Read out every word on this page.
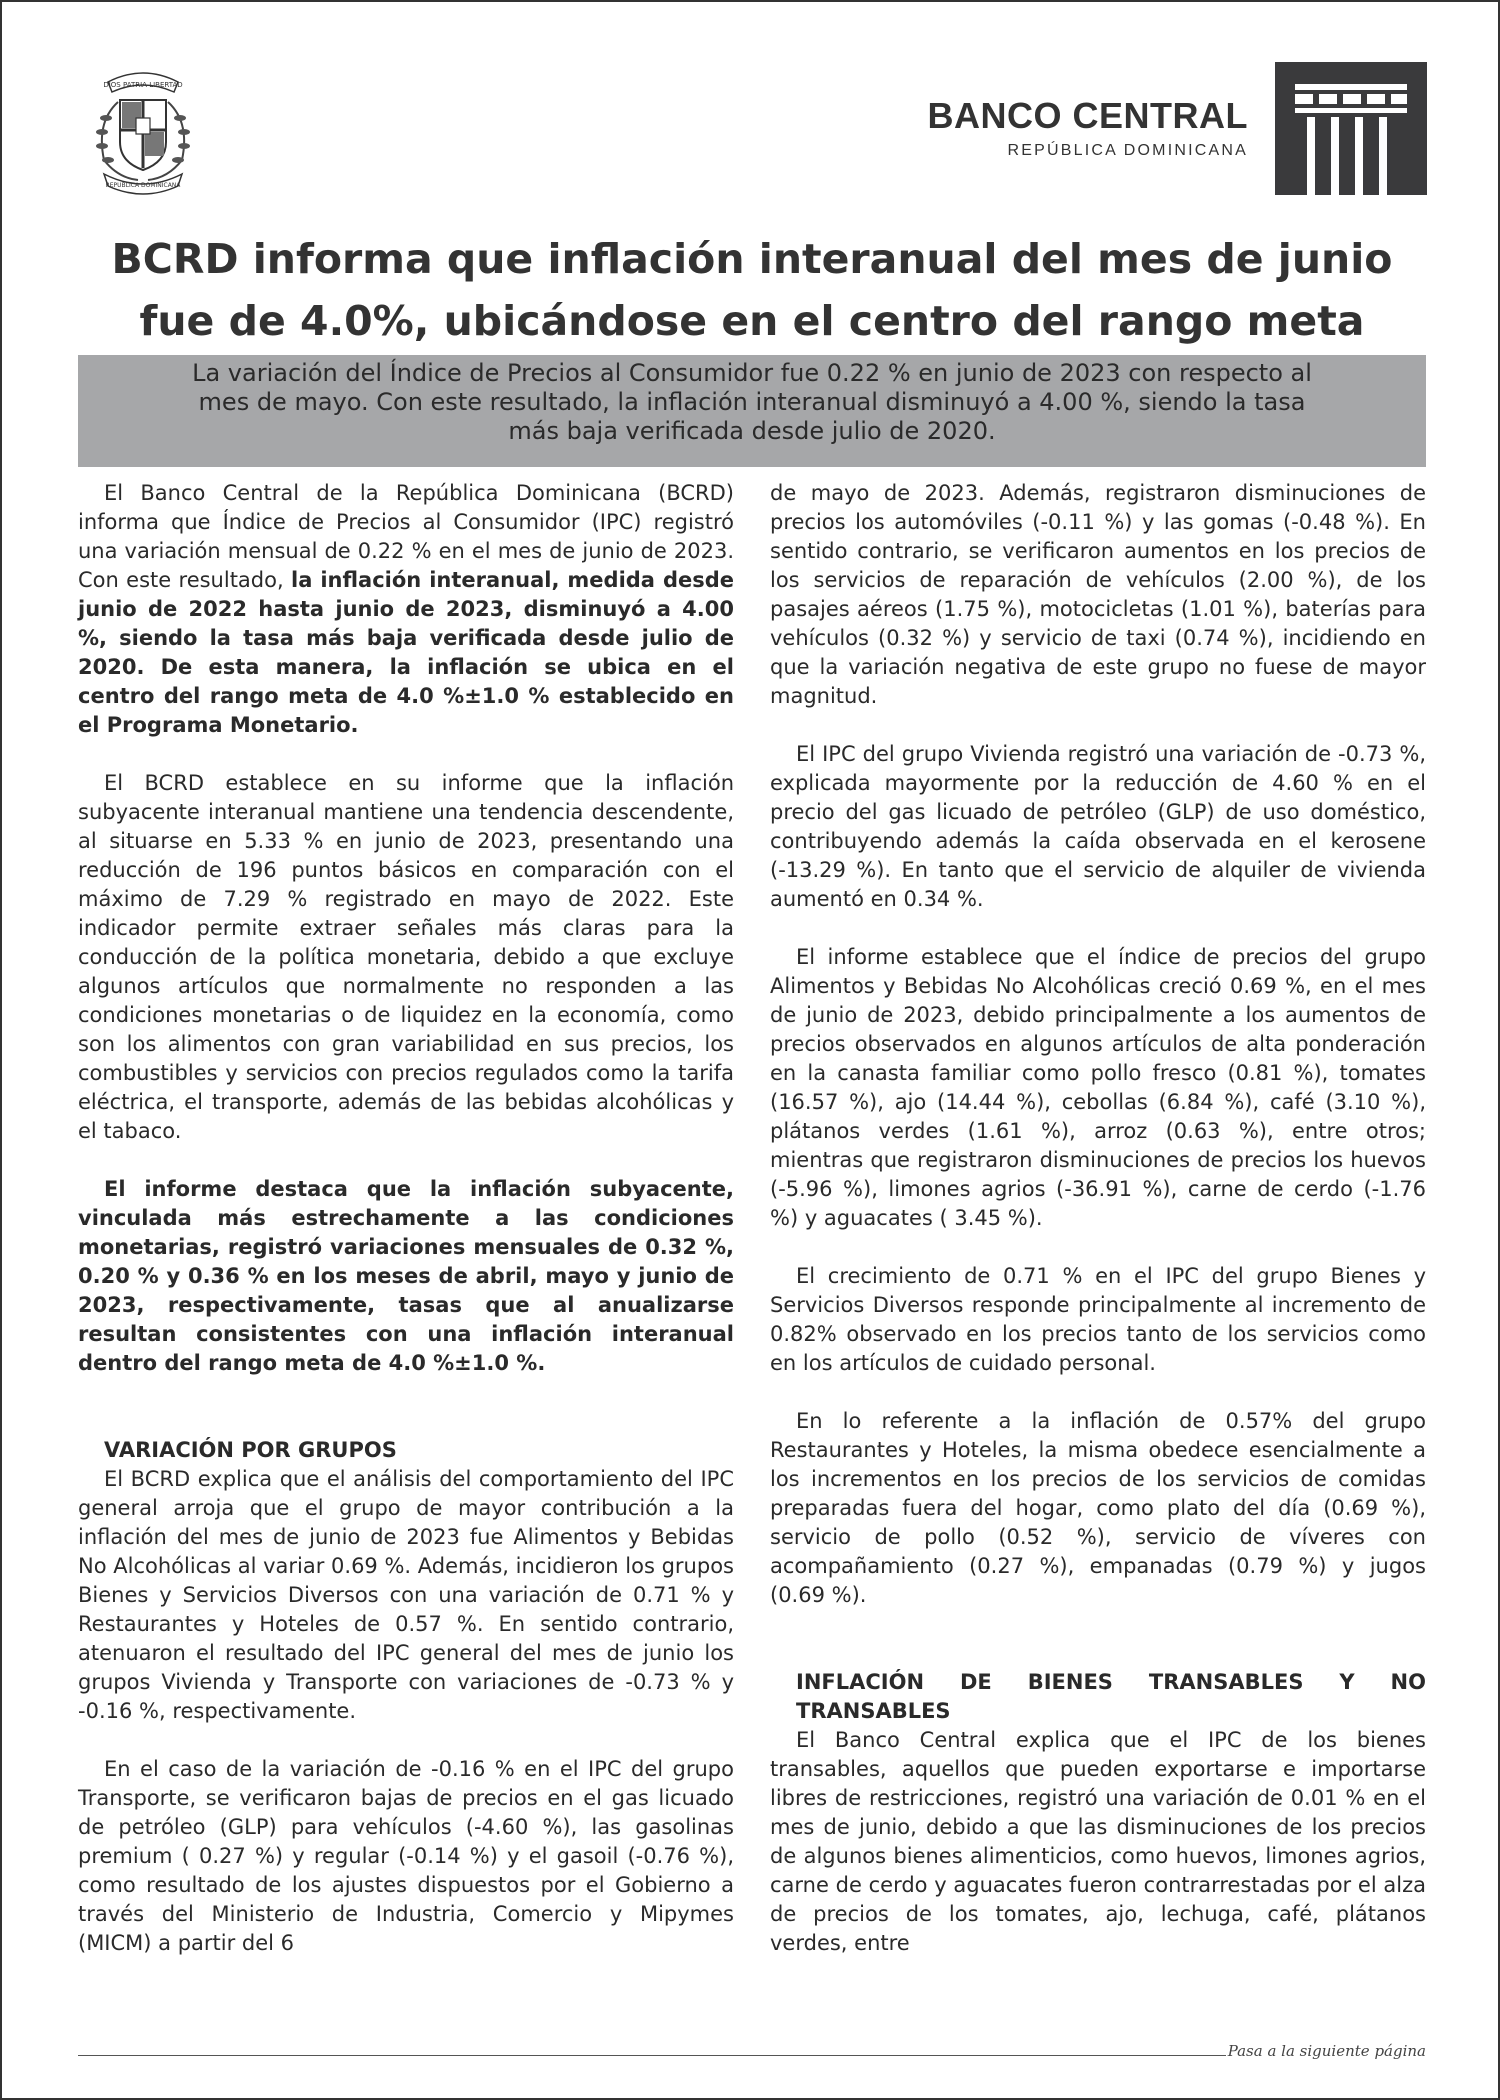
DIOS PATRIA LIBERTAD
REPUBLICA DOMINICANA
BANCO CENTRAL
REPÚBLICA DOMINICANA
BCRD informa que inflación interanual del mes de junio
fue de 4.0%, ubicándose en el centro del rango meta
La variación del Índice de Precios al Consumidor fue 0.22 % en junio de 2023 con respecto al
mes de mayo. Con este resultado, la inflación interanual disminuyó a 4.00 %, siendo la tasa
más baja verificada desde julio de 2020.

El Banco Central de la República Dominicana (BCRD) informa que Índice de Precios al Consumidor (IPC) registró una variación mensual de 0.22 % en el mes de junio de 2023. Con este resultado, la inflación interanual, medida desde junio de 2022 hasta junio de 2023, disminuyó a 4.00 %, siendo la tasa más baja verificada desde julio de 2020. De esta manera, la inflación se ubica en el centro del rango meta de 4.0 %±1.0 % establecido en el Programa Monetario.

El BCRD establece en su informe que la inflación subyacente interanual mantiene una tendencia descendente, al situarse en 5.33 % en junio de 2023, presentando una reducción de 196 puntos básicos en comparación con el máximo de 7.29 % registrado en mayo de 2022. Este indicador permite extraer señales más claras para la conducción de la política monetaria, debido a que excluye algunos artículos que normalmente no responden a las condiciones monetarias o de liquidez en la economía, como son los alimentos con gran variabilidad en sus precios, los combustibles y servicios con precios regulados como la tarifa eléctrica, el transporte, además de las bebidas alcohólicas y el tabaco.

El informe destaca que la inflación subyacente, vinculada más estrechamente a las condiciones monetarias, registró variaciones mensuales de 0.32 %, 0.20 % y 0.36 % en los meses de abril, mayo y junio de 2023, respectivamente, tasas que al anualizarse resultan consistentes con una inflación interanual dentro del rango meta de 4.0 %±1.0 %.

VARIACIÓN POR GRUPOS

El BCRD explica que el análisis del comportamiento del IPC general arroja que el grupo de mayor contribución a la inflación del mes de junio de 2023 fue Alimentos y Bebidas No Alcohólicas al variar 0.69 %. Además, incidieron los grupos Bienes y Servicios Diversos con una variación de 0.71 % y Restaurantes y Hoteles de 0.57 %. En sentido contrario, atenuaron el resultado del IPC general del mes de junio los grupos Vivienda y Transporte con variaciones de -0.73 % y -0.16 %, respectivamente.

En el caso de la variación de -0.16 % en el IPC del grupo Transporte, se verificaron bajas de precios en el gas licuado de petróleo (GLP) para vehículos (-4.60 %), las gasolinas premium ( 0.27 %) y regular (-0.14 %) y el gasoil (-0.76 %), como resultado de los ajustes dispuestos por el Gobierno a través del Ministerio de Industria, Comercio y Mipymes (MICM) a partir del 6

de mayo de 2023. Además, registraron disminuciones de precios los automóviles (-0.11 %) y las gomas (-0.48 %). En sentido contrario, se verificaron aumentos en los precios de los servicios de reparación de vehículos (2.00 %), de los pasajes aéreos (1.75 %), motocicletas (1.01 %), baterías para vehículos (0.32 %) y servicio de taxi (0.74 %), incidiendo en que la variación negativa de este grupo no fuese de mayor magnitud.

El IPC del grupo Vivienda registró una variación de -0.73 %, explicada mayormente por la reducción de 4.60 % en el precio del gas licuado de petróleo (GLP) de uso doméstico, contribuyendo además la caída observada en el kerosene (-13.29 %). En tanto que el servicio de alquiler de vivienda aumentó en 0.34 %.

El informe establece que el índice de precios del grupo Alimentos y Bebidas No Alcohólicas creció 0.69 %, en el mes de junio de 2023, debido principalmente a los aumentos de precios observados en algunos artículos de alta ponderación en la canasta familiar como pollo fresco (0.81 %), tomates (16.57 %), ajo (14.44 %), cebollas (6.84 %), café (3.10 %), plátanos verdes (1.61 %), arroz (0.63 %), entre otros; mientras que registraron disminuciones de precios los huevos (-5.96 %), limones agrios (-36.91 %), carne de cerdo (-1.76 %) y aguacates ( 3.45 %).

El crecimiento de 0.71 % en el IPC del grupo Bienes y Servicios Diversos responde principalmente al incremento de 0.82% observado en los precios tanto de los servicios como en los artículos de cuidado personal.

En lo referente a la inflación de 0.57% del grupo Restaurantes y Hoteles, la misma obedece esencialmente a los incrementos en los precios de los servicios de comidas preparadas fuera del hogar, como plato del día (0.69 %), servicio de pollo (0.52 %), servicio de víveres con acompañamiento (0.27 %), empanadas (0.79 %) y jugos (0.69 %).

INFLACIÓN DE BIENES TRANSABLES Y NO TRANSABLES

El Banco Central explica que el IPC de los bienes transables, aquellos que pueden exportarse e importarse libres de restricciones, registró una variación de 0.01 % en el mes de junio, debido a que las disminuciones de los precios de algunos bienes alimenticios, como huevos, limones agrios, carne de cerdo y aguacates fueron contrarrestadas por el alza de precios de los tomates, ajo, lechuga, café, plátanos verdes, entre

Pasa a la siguiente página
